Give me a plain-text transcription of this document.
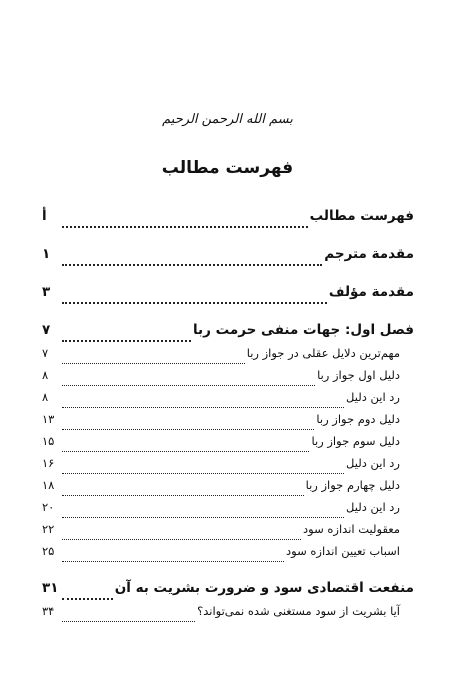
بسم الله الرحمن الرحیم
فهرست مطالب
فهرست مطالب
أ
مقدمة مترجم
۱
مقدمة مؤلف
۳
فصل اول: جهات منفی حرمت ربا
۷
مهم‌ترین دلایل عقلی در جواز ربا
۷
دلیل اول جواز ربا
۸
رد این دلیل
۸
دلیل دوم جواز ربا
۱۳
دلیل سوم جواز ربا
۱۵
رد این دلیل
۱۶
دلیل چهارم جواز ربا
۱۸
رد این دلیل
۲۰
معقولیت اندازه سود
۲۲
اسباب تعیین اندازه سود
۲۵
منفعت اقتصادی سود و ضرورت بشریت به آن
۳۱
آیا بشریت از سود مستغنی شده نمی‌تواند؟
۳۴
